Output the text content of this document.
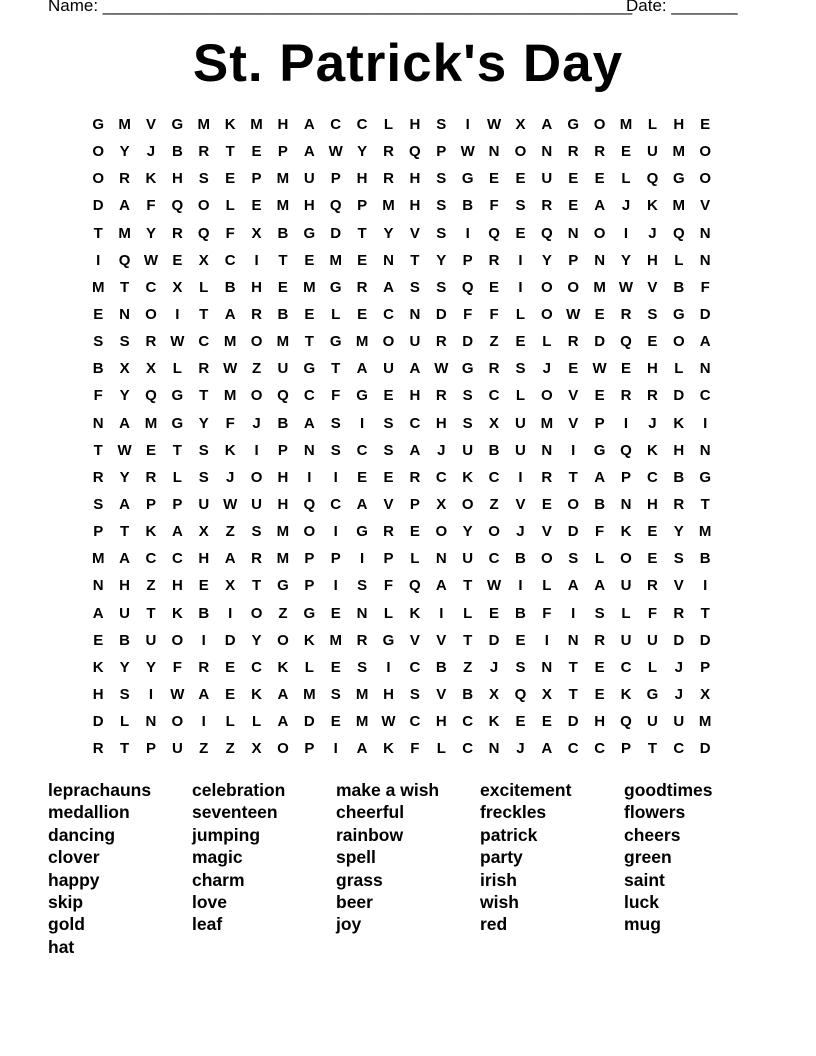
Name: ________________________________________________________
Date: _______
St. Patrick's Day
G M	V	G M K M H	A	C	C	L	H	S	I	W X	A	G O M	L	H	E
O	Y	J	B	R	T	E	P	A W Y	R	Q	P W N	O	N	R	R	E	U M O
O	R	K	H	S	E	P	M U	P	H	R	H	S	G	E	E	U	E	E	L	Q G O
D	A	F	Q O	L	E	M H	Q	P	M H	S	B	F	S	R	E	A	J	K M	V
T	M	Y	R	Q	F	X	B	G	D	T	Y	V	S	I	Q	E	Q	N	O	I	J	Q	N
I	Q W E	X	C	I	T	E	M	E	N	T	Y	P	R	I	Y	P	N	Y	H	L	N
M	T	C	X	L	B	H	E	M G	R	A	S	S	Q	E	I	O O M W V	B	F
E	N	O	I	T	A	R	B	E	L	E	C	N	D	F	F	L	O W E	R	S	G	D
S	S	R W C M O M	T	G M O	U	R	D	Z	E	L	R	D	Q	E	O	A
B	X	X	L	R W Z	U	G	T	A	U	A W G	R	S	J	E W E	H	L	N
F	Y	Q G	T	M O Q	C	F	G	E	H	R	S	C	L	O	V	E	R	R	D	C
N	A M G	Y	F	J	B	A	S	I	S	C	H	S	X	U M	V	P	I	J	K	I
T W E	T	S	K	I	P	N	S	C	S	A	J	U	B	U	N	I	G Q	K	H	N
R	Y	R	L	S	J	O	H	I	I	E	E	R	C	K	C	I	R	T	A	P	C	B	G
S	A	P	P	U W U	H	Q	C	A	V	P	X	O	Z	V	E	O	B	N	H	R	T
P	T	K	A	X	Z	S	M O	I	G	R	E	O	Y	O	J	V	D	F	K	E	Y	M
M A	C	C	H	A	R M	P	P	I	P	L	N	U	C	B	O	S	L	O	E	S	B
N	H	Z	H	E	X	T	G	P	I	S	F	Q	A	T W	I	L	A	A	U	R	V	I
A	U	T	K	B	I	O	Z	G	E	N	L	K	I	L	E	B	F	I	S	L	F	R	T
E	B	U	O	I	D	Y	O	K M R	G	V	V	T	D	E	I	N	R	U	U	D	D
K	Y	Y	F	R	E	C	K	L	E	S	I	C	B	Z	J	S	N	T	E	C	L	J	P
H	S	I	W A	E	K	A M	S	M H	S	V	B	X	Q	X	T	E	K	G	J	X
D	L	N	O	I	L	L	A	D	E	M W C	H	C	K	E	E	D	H	Q	U	U M
R	T	P	U	Z	Z	X	O	P	I	A	K	F	L	C	N	J	A	C	C	P	T	C	D
leprachauns
medallion
dancing
clover
happy
skip
gold
hat
celebration
seventeen
jumping
magic
charm
love
leaf
make a wish
cheerful
rainbow
spell
grass
beer
joy
excitement
freckles
patrick
party
irish
wish
red
goodtimes
flowers
cheers
green
saint
luck
mug
